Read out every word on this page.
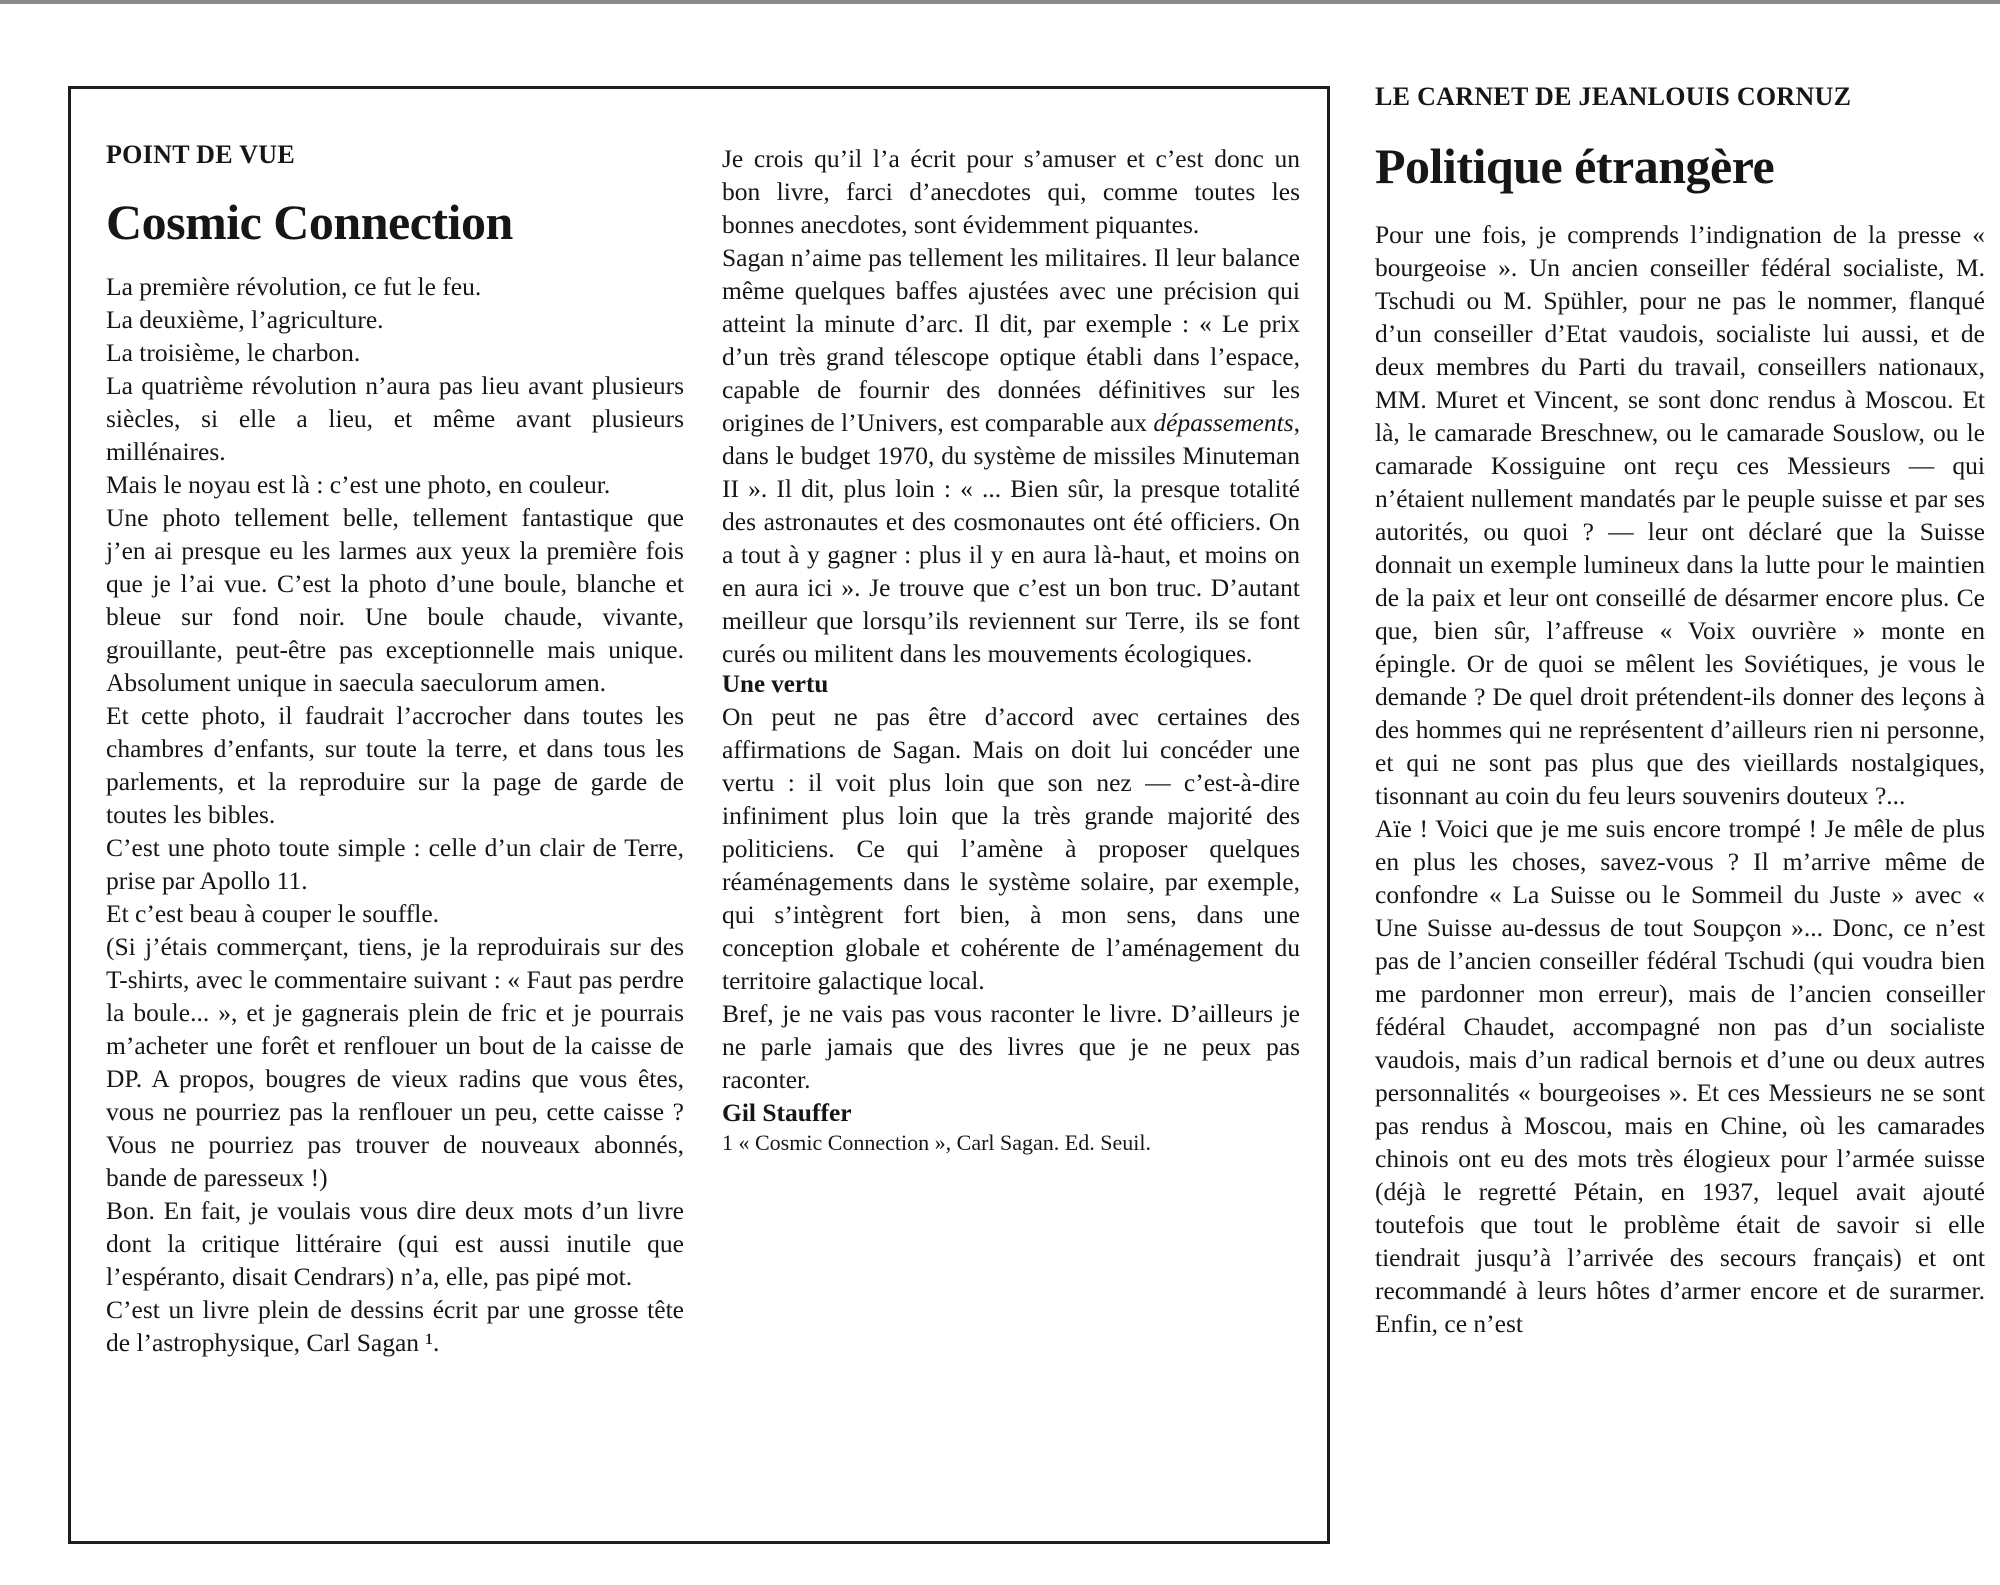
POINT DE VUE

Cosmic Connection

La première révolution, ce fut le feu.

La deuxième, l’agriculture.

La troisième, le charbon.

La quatrième révolution n’aura pas lieu avant plusieurs siècles, si elle a lieu, et même avant plusieurs millénaires.

Mais le noyau est là : c’est une photo, en couleur.

Une photo tellement belle, tellement fantastique que j’en ai presque eu les larmes aux yeux la première fois que je l’ai vue. C’est la photo d’une boule, blanche et bleue sur fond noir. Une boule chaude, vivante, grouillante, peut-être pas exceptionnelle mais unique. Absolument unique in saecula saeculorum amen.

Et cette photo, il faudrait l’accrocher dans toutes les chambres d’enfants, sur toute la terre, et dans tous les parlements, et la reproduire sur la page de garde de toutes les bibles.

C’est une photo toute simple : celle d’un clair de Terre, prise par Apollo 11.

Et c’est beau à couper le souffle.

(Si j’étais commerçant, tiens, je la reproduirais sur des T-shirts, avec le commentaire suivant : « Faut pas perdre la boule... », et je gagnerais plein de fric et je pourrais m’acheter une forêt et renflouer un bout de la caisse de DP. A propos, bougres de vieux radins que vous êtes, vous ne pourriez pas la renflouer un peu, cette caisse ? Vous ne pourriez pas trouver de nouveaux abonnés, bande de paresseux !)

Bon. En fait, je voulais vous dire deux mots d’un livre dont la critique littéraire (qui est aussi inutile que l’espéranto, disait Cendrars) n’a, elle, pas pipé mot.

C’est un livre plein de dessins écrit par une grosse tête de l’astrophysique, Carl Sagan ¹.

Je crois qu’il l’a écrit pour s’amuser et c’est donc un bon livre, farci d’anecdotes qui, comme toutes les bonnes anecdotes, sont évidemment piquantes.

Sagan n’aime pas tellement les militaires. Il leur balance même quelques baffes ajustées avec une précision qui atteint la minute d’arc. Il dit, par exemple : « Le prix d’un très grand télescope optique établi dans l’espace, capable de fournir des données définitives sur les origines de l’Univers, est comparable aux dépassements, dans le budget 1970, du système de missiles Minuteman II ». Il dit, plus loin : « ... Bien sûr, la presque totalité des astronautes et des cosmonautes ont été officiers. On a tout à y gagner : plus il y en aura là-haut, et moins on en aura ici ». Je trouve que c’est un bon truc. D’autant meilleur que lorsqu’ils reviennent sur Terre, ils se font curés ou militent dans les mouvements écologiques.

Une vertu

On peut ne pas être d’accord avec certaines des affirmations de Sagan. Mais on doit lui concéder une vertu : il voit plus loin que son nez — c’est-à-dire infiniment plus loin que la très grande majorité des politiciens. Ce qui l’amène à proposer quelques réaménagements dans le système solaire, par exemple, qui s’intègrent fort bien, à mon sens, dans une conception globale et cohérente de l’aménagement du territoire galactique local.

Bref, je ne vais pas vous raconter le livre. D’ailleurs je ne parle jamais que des livres que je ne peux pas raconter.

Gil Stauffer

1 « Cosmic Connection », Carl Sagan. Ed. Seuil.

LE CARNET DE JEANLOUIS CORNUZ

Politique étrangère

Pour une fois, je comprends l’indignation de la presse « bourgeoise ». Un ancien conseiller fédéral socialiste, M. Tschudi ou M. Spühler, pour ne pas le nommer, flanqué d’un conseiller d’Etat vaudois, socialiste lui aussi, et de deux membres du Parti du travail, conseillers nationaux, MM. Muret et Vincent, se sont donc rendus à Moscou. Et là, le camarade Breschnew, ou le camarade Souslow, ou le camarade Kossiguine ont reçu ces Messieurs — qui n’étaient nullement mandatés par le peuple suisse et par ses autorités, ou quoi ? — leur ont déclaré que la Suisse donnait un exemple lumineux dans la lutte pour le maintien de la paix et leur ont conseillé de désarmer encore plus. Ce que, bien sûr, l’affreuse « Voix ouvrière » monte en épingle. Or de quoi se mêlent les Soviétiques, je vous le demande ? De quel droit prétendent-ils donner des leçons à des hommes qui ne représentent d’ailleurs rien ni personne, et qui ne sont pas plus que des vieillards nostalgiques, tisonnant au coin du feu leurs souvenirs douteux ?...

Aïe ! Voici que je me suis encore trompé ! Je mêle de plus en plus les choses, savez-vous ? Il m’arrive même de confondre « La Suisse ou le Sommeil du Juste » avec « Une Suisse au-dessus de tout Soupçon »... Donc, ce n’est pas de l’ancien conseiller fédéral Tschudi (qui voudra bien me pardonner mon erreur), mais de l’ancien conseiller fédéral Chaudet, accompagné non pas d’un socialiste vaudois, mais d’un radical bernois et d’une ou deux autres personnalités « bourgeoises ». Et ces Messieurs ne se sont pas rendus à Moscou, mais en Chine, où les camarades chinois ont eu des mots très élogieux pour l’armée suisse (déjà le regretté Pétain, en 1937, lequel avait ajouté toutefois que tout le problème était de savoir si elle tiendrait jusqu’à l’arrivée des secours français) et ont recommandé à leurs hôtes d’armer encore et de surarmer. Enfin, ce n’est
